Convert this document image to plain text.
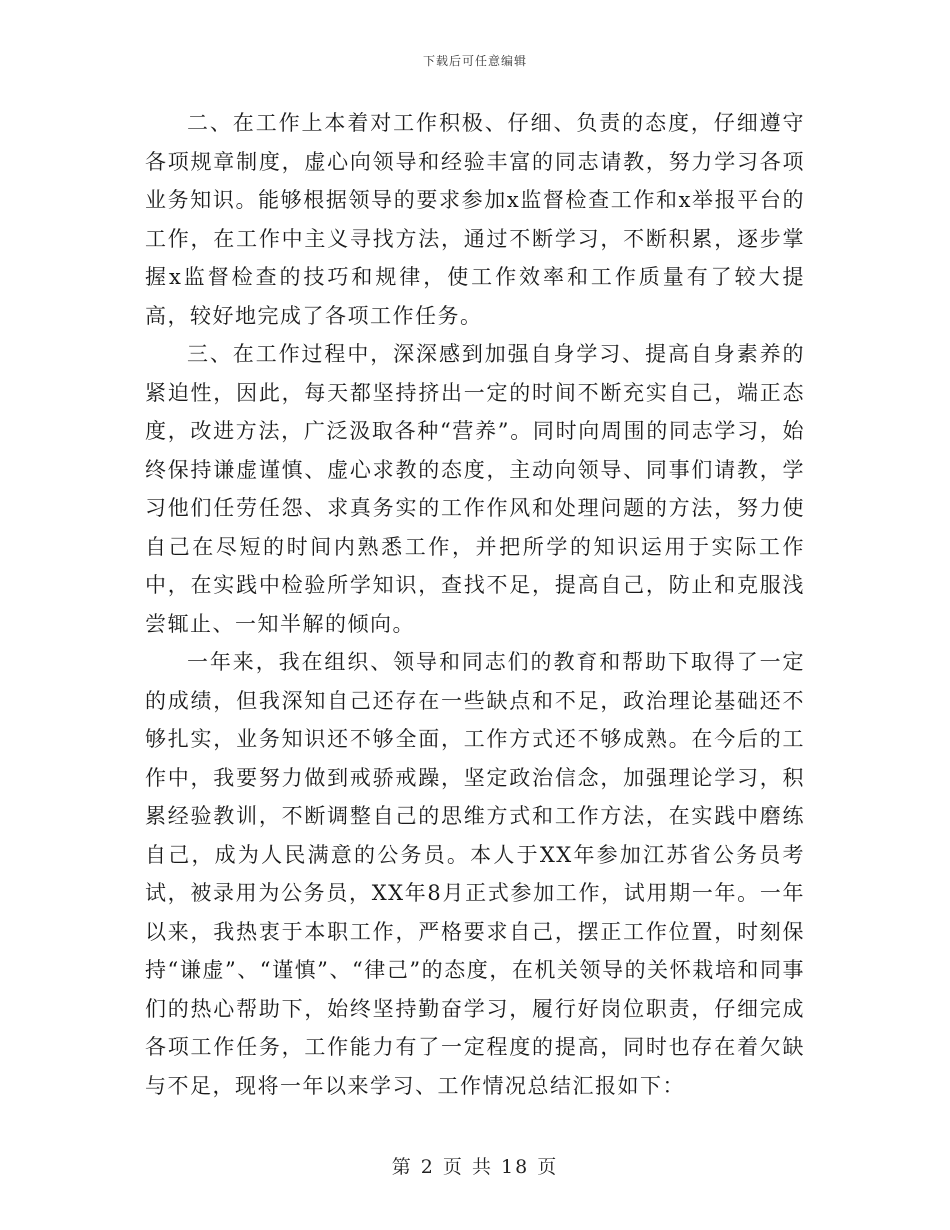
下载后可任意编辑

二、在工作上本着对工作积极、仔细、负责的态度，仔细遵守各项规章制度，虚心向领导和经验丰富的同志请教，努力学习各项业务知识。能够根据领导的要求参加x监督检查工作和x举报平台的工作，在工作中主义寻找方法，通过不断学习，不断积累，逐步掌握x监督检查的技巧和规律，使工作效率和工作质量有了较大提高，较好地完成了各项工作任务。

三、在工作过程中，深深感到加强自身学习、提高自身素养的紧迫性，因此，每天都坚持挤出一定的时间不断充实自己，端正态度，改进方法，广泛汲取各种“营养”。同时向周围的同志学习，始终保持谦虚谨慎、虚心求教的态度，主动向领导、同事们请教，学习他们任劳任怨、求真务实的工作作风和处理问题的方法，努力使自己在尽短的时间内熟悉工作，并把所学的知识运用于实际工作中，在实践中检验所学知识，查找不足，提高自己，防止和克服浅尝辄止、一知半解的倾向。

一年来，我在组织、领导和同志们的教育和帮助下取得了一定的成绩，但我深知自己还存在一些缺点和不足，政治理论基础还不够扎实，业务知识还不够全面，工作方式还不够成熟。在今后的工作中，我要努力做到戒骄戒躁，坚定政治信念，加强理论学习，积累经验教训，不断调整自己的思维方式和工作方法，在实践中磨练自己，成为人民满意的公务员。本人于XX年参加江苏省公务员考试，被录用为公务员，XX年8月正式参加工作，试用期一年。一年以来，我热衷于本职工作，严格要求自己，摆正工作位置，时刻保持“谦虚”、“谨慎”、“律己”的态度，在机关领导的关怀栽培和同事们的热心帮助下，始终坚持勤奋学习，履行好岗位职责，仔细完成各项工作任务，工作能力有了一定程度的提高，同时也存在着欠缺与不足，现将一年以来学习、工作情况总结汇报如下：

第 2 页 共 18 页
